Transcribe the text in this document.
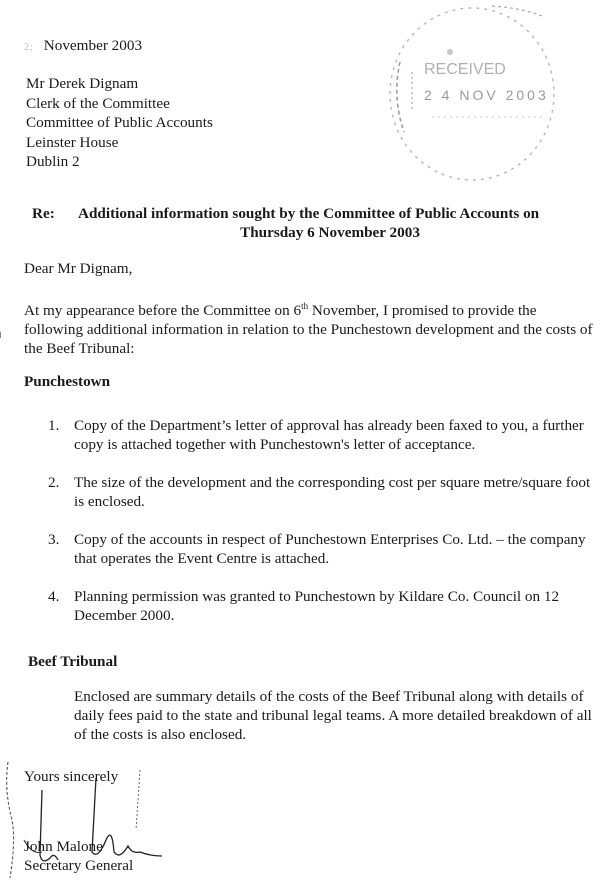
2; November 2003
Mr Derek Dignam
Clerk of the Committee
Committee of Public Accounts
Leinster House
Dublin 2
RECEIVED
2 4 NOV 2003
Re: Additional information sought by the Committee of Public Accounts on
Thursday 6 November 2003
Dear Mr Dignam,
At my appearance before the Committee on 6th November, I promised to provide the following additional information in relation to the Punchestown development and the costs of the Beef Tribunal:
Punchestown
1. Copy of the Department’s letter of approval has already been faxed to you, a further copy is attached together with Punchestown's letter of acceptance.
2. The size of the development and the corresponding cost per square metre/square foot is enclosed.
3. Copy of the accounts in respect of Punchestown Enterprises Co. Ltd. – the company that operates the Event Centre is attached.
4. Planning permission was granted to Punchestown by Kildare Co. Council on 12 December 2000.
Beef Tribunal
Enclosed are summary details of the costs of the Beef Tribunal along with details of daily fees paid to the state and tribunal legal teams. A more detailed breakdown of all of the costs is also enclosed.
Yours sincerely
John Malone
Secretary General
